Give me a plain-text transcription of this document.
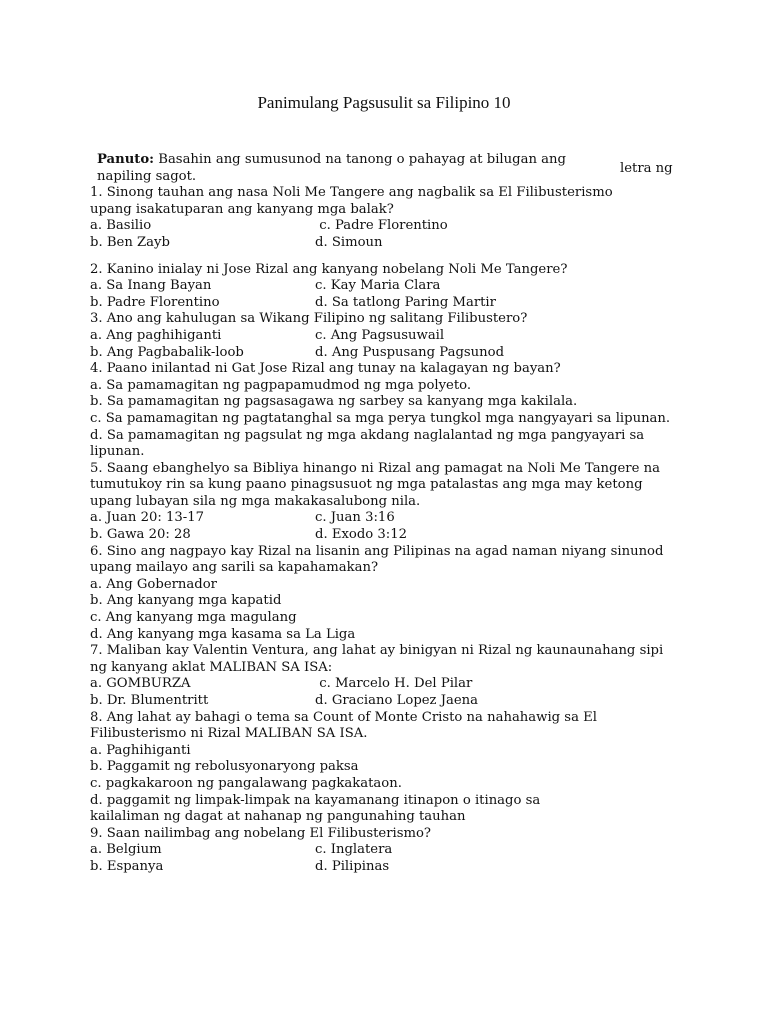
Panimulang Pagsusulit sa Filipino 10
Panuto: Basahin ang sumusunod na tanong o pahayag at bilugan ang
napiling sagot.
letra ng
1. Sinong tauhan ang nasa Noli Me Tangere ang nagbalik sa El Filibusterismo
upang isakatuparan ang kanyang mga balak?
a. Basilio	c. Padre Florentino
b. Ben Zayb	d. Simoun
2. Kanino inialay ni Jose Rizal ang kanyang nobelang Noli Me Tangere?
a. Sa Inang Bayan	c. Kay Maria Clara
b. Padre Florentino	d. Sa tatlong Paring Martir
3. Ano ang kahulugan sa Wikang Filipino ng salitang Filibustero?
a. Ang paghihiganti	c. Ang Pagsusuwail
b. Ang Pagbabalik-loob	d. Ang Puspusang Pagsunod
4. Paano inilantad ni Gat Jose Rizal ang tunay na kalagayan ng bayan?
a. Sa pamamagitan ng pagpapamudmod ng mga polyeto.
b. Sa pamamagitan ng pagsasagawa ng sarbey sa kanyang mga kakilala.
c. Sa pamamagitan ng pagtatanghal sa mga perya tungkol mga nangyayari sa lipunan.
d. Sa pamamagitan ng pagsulat ng mga akdang naglalantad ng mga pangyayari sa
lipunan.
5. Saang ebanghelyo sa Bibliya hinango ni Rizal ang pamagat na Noli Me Tangere na
tumutukoy rin sa kung paano pinagsusuot ng mga patalastas ang mga may ketong
upang lubayan sila ng mga makakasalubong nila.
a. Juan 20: 13-17	c. Juan 3:16
b. Gawa 20: 28	d. Exodo 3:12
6. Sino ang nagpayo kay Rizal na lisanin ang Pilipinas na agad naman niyang sinunod
upang mailayo ang sarili sa kapahamakan?
a. Ang Gobernador
b. Ang kanyang mga kapatid
c. Ang kanyang mga magulang
d. Ang kanyang mga kasama sa La Liga
7. Maliban kay Valentin Ventura, ang lahat ay binigyan ni Rizal ng kaunaunahang sipi
ng kanyang aklat MALIBAN SA ISA:
a. GOMBURZA	c. Marcelo H. Del Pilar
b. Dr. Blumentritt	d. Graciano Lopez Jaena
8. Ang lahat ay bahagi o tema sa Count of Monte Cristo na nahahawig sa El
Filibusterismo ni Rizal MALIBAN SA ISA.
a. Paghihiganti
b. Paggamit ng rebolusyonaryong paksa
c. pagkakaroon ng pangalawang pagkakataon.
d. paggamit ng limpak-limpak na kayamanang itinapon o itinago sa
kailaliman ng dagat at nahanap ng pangunahing tauhan
9. Saan nailimbag ang nobelang El Filibusterismo?
a. Belgium	c. Inglatera
b. Espanya	d. Pilipinas
